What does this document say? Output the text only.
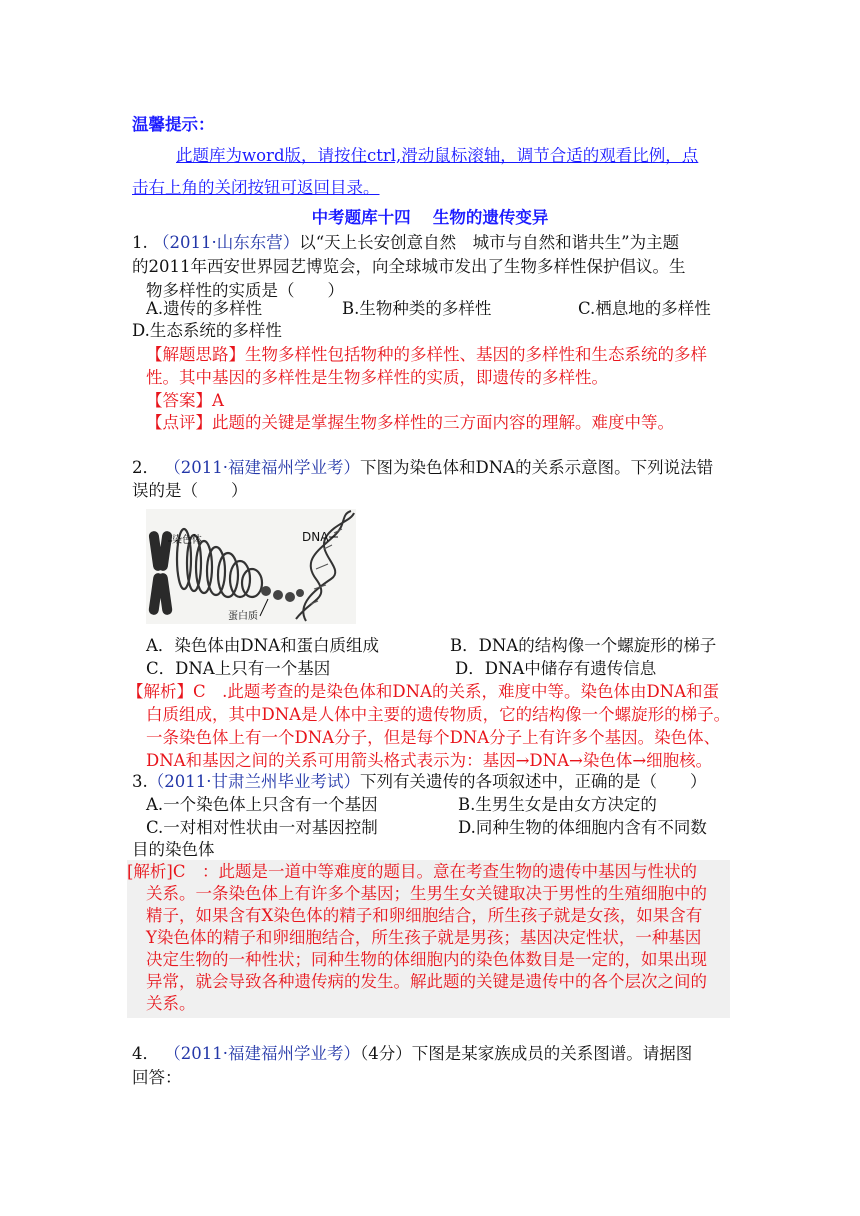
温馨提示：
此题库为word版，请按住ctrl,滑动鼠标滚轴，调节合适的观看比例，点
击右上角的关闭按钮可返回目录。
中考题库十四　 生物的遗传变异
1. （2011·山东东营）以“天上长安创意自然　城市与自然和谐共生”为主题
的2011年西安世界园艺博览会，向全球城市发出了生物多样性保护倡议。生
物多样性的实质是（　　）
A.遗传的多样性	B.生物种类的多样性	C.栖息地的多样性
D.生态系统的多样性
【解题思路】生物多样性包括物种的多样性、基因的多样性和生态系统的多样
性。其中基因的多样性是生物多样性的实质，即遗传的多样性。
【答案】A
【点评】此题的关键是掌握生物多样性的三方面内容的理解。难度中等。
2． （2011·福建福州学业考）下图为染色体和DNA的关系示意图。下列说法错
误的是（　　）
染色体	DNA
蛋白质
A．染色体由DNA和蛋白质组成	B．DNA的结构像一个螺旋形的梯子
C．DNA上只有一个基因	D．DNA中储存有遗传信息
【解析】C　.此题考查的是染色体和DNA的关系，难度中等。染色体由DNA和蛋
白质组成，其中DNA是人体中主要的遗传物质，它的结构像一个螺旋形的梯子。
一条染色体上有一个DNA分子，但是每个DNA分子上有许多个基因。染色体、
DNA和基因之间的关系可用箭头格式表示为：基因→DNA→染色体→细胞核。
3.（2011·甘肃兰州毕业考试）下列有关遗传的各项叙述中，正确的是（　　）
A.一个染色体上只含有一个基因	B.生男生女是由女方决定的
C.一对相对性状由一对基因控制	D.同种生物的体细胞内含有不同数
目的染色体
[解析]C　：此题是一道中等难度的题目。意在考查生物的遗传中基因与性状的
关系。一条染色体上有许多个基因；生男生女关键取决于男性的生殖细胞中的
精子，如果含有X染色体的精子和卵细胞结合，所生孩子就是女孩，如果含有
Y染色体的精子和卵细胞结合，所生孩子就是男孩；基因决定性状，一种基因
决定生物的一种性状；同种生物的体细胞内的染色体数目是一定的，如果出现
异常，就会导致各种遗传病的发生。解此题的关键是遗传中的各个层次之间的
关系。
4． （2011·福建福州学业考）（4分）下图是某家族成员的关系图谱。请据图
回答：
